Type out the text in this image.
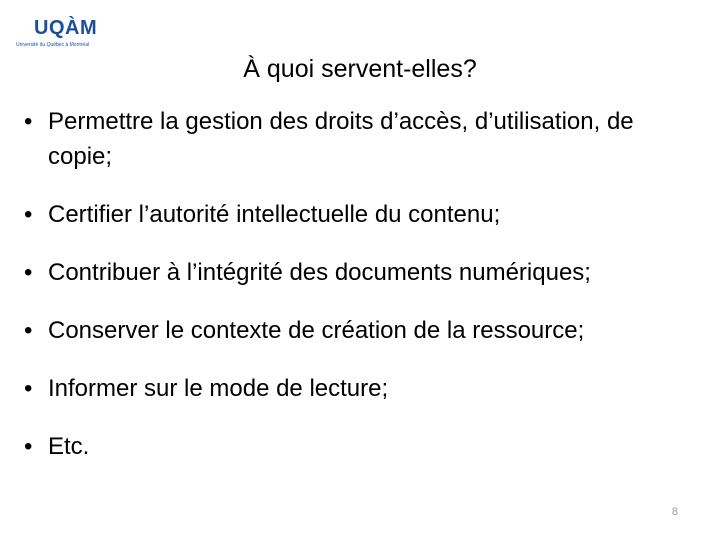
UQÀM
Université du Québec à Montréal
À quoi servent-elles?
• Permettre la gestion des droits d’accès, d’utilisation, de copie;
• Certifier l’autorité intellectuelle du contenu;
• Contribuer à l’intégrité des documents numériques;
• Conserver le contexte de création de la ressource;
• Informer sur le mode de lecture;
• Etc.
8
